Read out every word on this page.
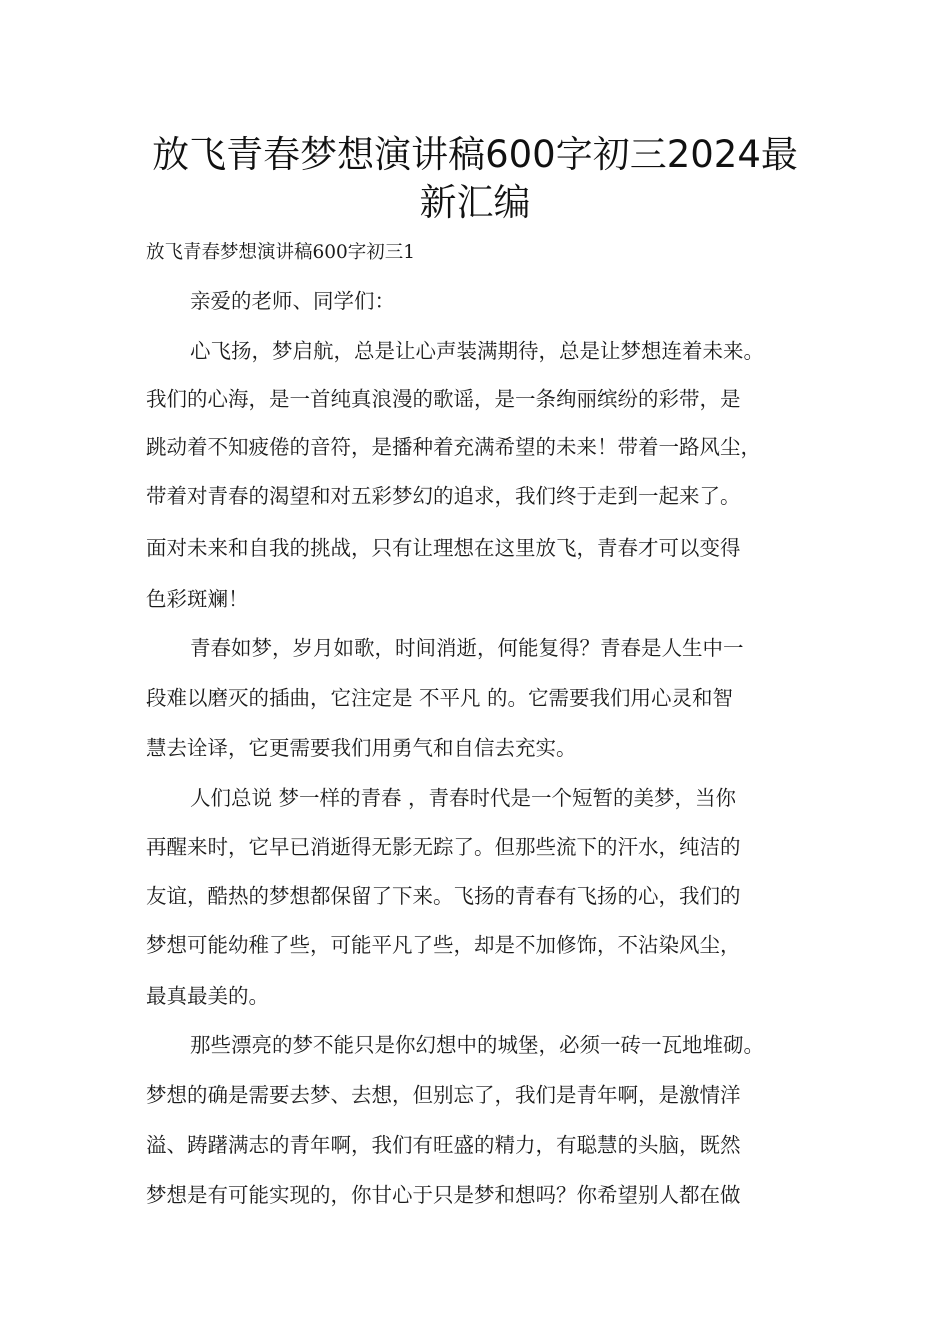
放飞青春梦想演讲稿600字初三2024最
新汇编

放飞青春梦想演讲稿600字初三1

亲爱的老师、同学们：

心飞扬，梦启航，总是让心声装满期待，总是让梦想连着未来。

我们的心海，是一首纯真浪漫的歌谣，是一条绚丽缤纷的彩带，是

跳动着不知疲倦的音符，是播种着充满希望的未来！带着一路风尘，

带着对青春的渴望和对五彩梦幻的追求，我们终于走到一起来了。

面对未来和自我的挑战，只有让理想在这里放飞，青春才可以变得

色彩斑斓！

青春如梦，岁月如歌，时间消逝，何能复得？青春是人生中一

段难以磨灭的插曲，它注定是 不平凡 的。它需要我们用心灵和智

慧去诠译，它更需要我们用勇气和自信去充实。

人们总说 梦一样的青春 ，青春时代是一个短暂的美梦，当你

再醒来时，它早已消逝得无影无踪了。但那些流下的汗水，纯洁的

友谊，酷热的梦想都保留了下来。飞扬的青春有飞扬的心，我们的

梦想可能幼稚了些，可能平凡了些，却是不加修饰，不沾染风尘，

最真最美的。

那些漂亮的梦不能只是你幻想中的城堡，必须一砖一瓦地堆砌。

梦想的确是需要去梦、去想，但别忘了，我们是青年啊，是激情洋

溢、踌躇满志的青年啊，我们有旺盛的精力，有聪慧的头脑，既然

梦想是有可能实现的，你甘心于只是梦和想吗？你希望别人都在做
